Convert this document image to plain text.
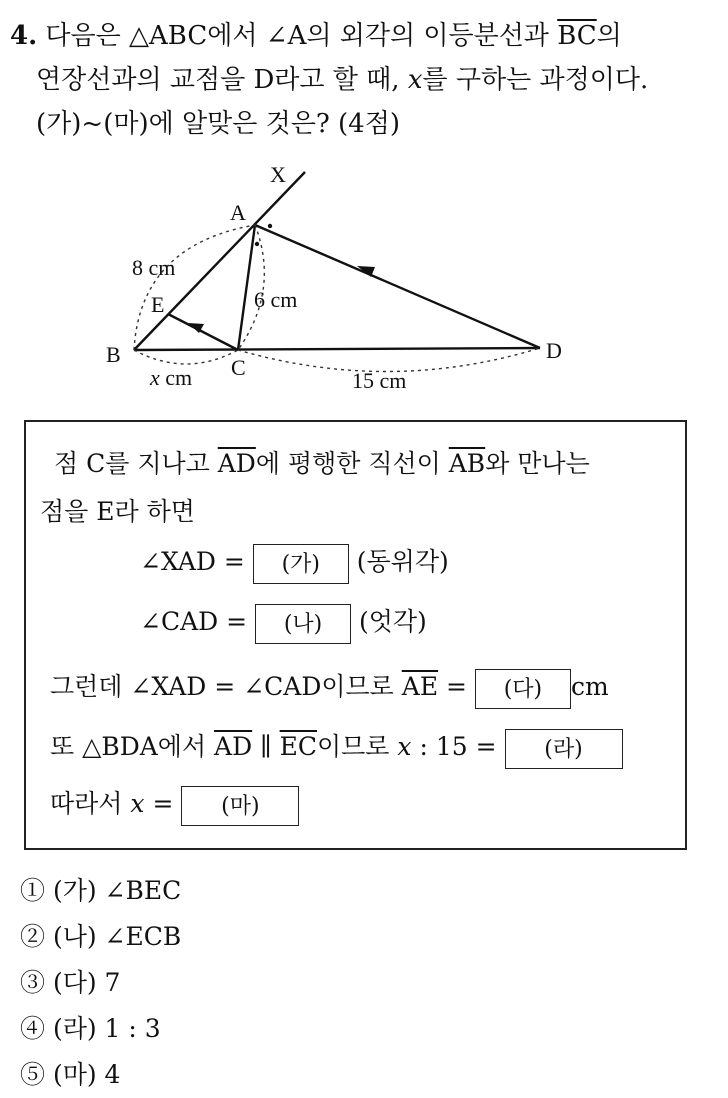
4. 다음은 △ABC에서 ∠A의 외각의 이등분선과 $\overline{BC}$의
연장선과의 교점을 D라고 할 때, x를 구하는 과정이다.
(가)~(마)에 알맞은 것은? (4점)
X
A
E
B
C
D
8 cm
6 cm
x cm	15 cm
점 C를 지나고 $\overline{AD}$에 평행한 직선이 $\overline{AB}$와 만나는
점을 E라 하면
∠XAD = (가) (동위각)
∠CAD = (나) (엇각)
그런데 ∠XAD = ∠CAD이므로 $\overline{AE}$ = (다) cm
또 △BDA에서 $\overline{AD}$ ∥ $\overline{EC}$이므로 x : 15 = (라)
따라서 x = (마)
① (가) ∠BEC
② (나) ∠ECB
③ (다) 7
④ (라) 1 : 3
⑤ (마) 4
